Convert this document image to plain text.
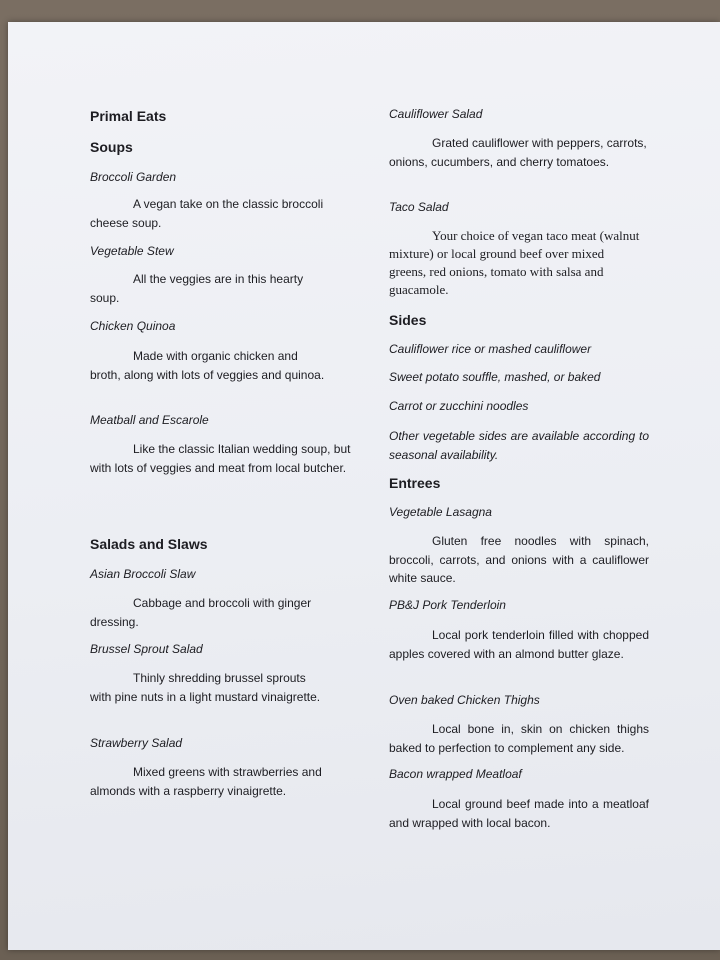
Primal Eats
Soups
Broccoli Garden
A vegan take on the classic broccoli cheese soup.
Vegetable Stew
All the veggies are in this hearty
soup.
Chicken Quinoa
Made with organic chicken and broth, along with lots of veggies and quinoa.
Meatball and Escarole
Like the classic Italian wedding soup, but with lots of veggies and meat from local butcher.
Salads and Slaws
Asian Broccoli Slaw
Cabbage and broccoli with ginger dressing.
Brussel Sprout Salad
Thinly shredding brussel sprouts with pine nuts in a light mustard vinaigrette.
Strawberry Salad
Mixed greens with strawberries and almonds with a raspberry vinaigrette.
Cauliflower Salad
Grated cauliflower with peppers, carrots, onions, cucumbers, and cherry tomatoes.
Taco Salad
Your choice of vegan taco meat (walnut mixture) or local ground beef over mixed greens, red onions, tomato with salsa and guacamole.
Sides
Cauliflower rice or mashed cauliflower
Sweet potato souffle, mashed, or baked
Carrot or zucchini noodles
Other vegetable sides are available according to seasonal availability.
Entrees
Vegetable Lasagna
Gluten free noodles with spinach, broccoli, carrots, and onions with a cauliflower white sauce.
PB&J Pork Tenderloin
Local pork tenderloin filled with chopped apples covered with an almond butter glaze.
Oven baked Chicken Thighs
Local bone in, skin on chicken thighs baked to perfection to complement any side.
Bacon wrapped Meatloaf
Local ground beef made into a meatloaf and wrapped with local bacon.
